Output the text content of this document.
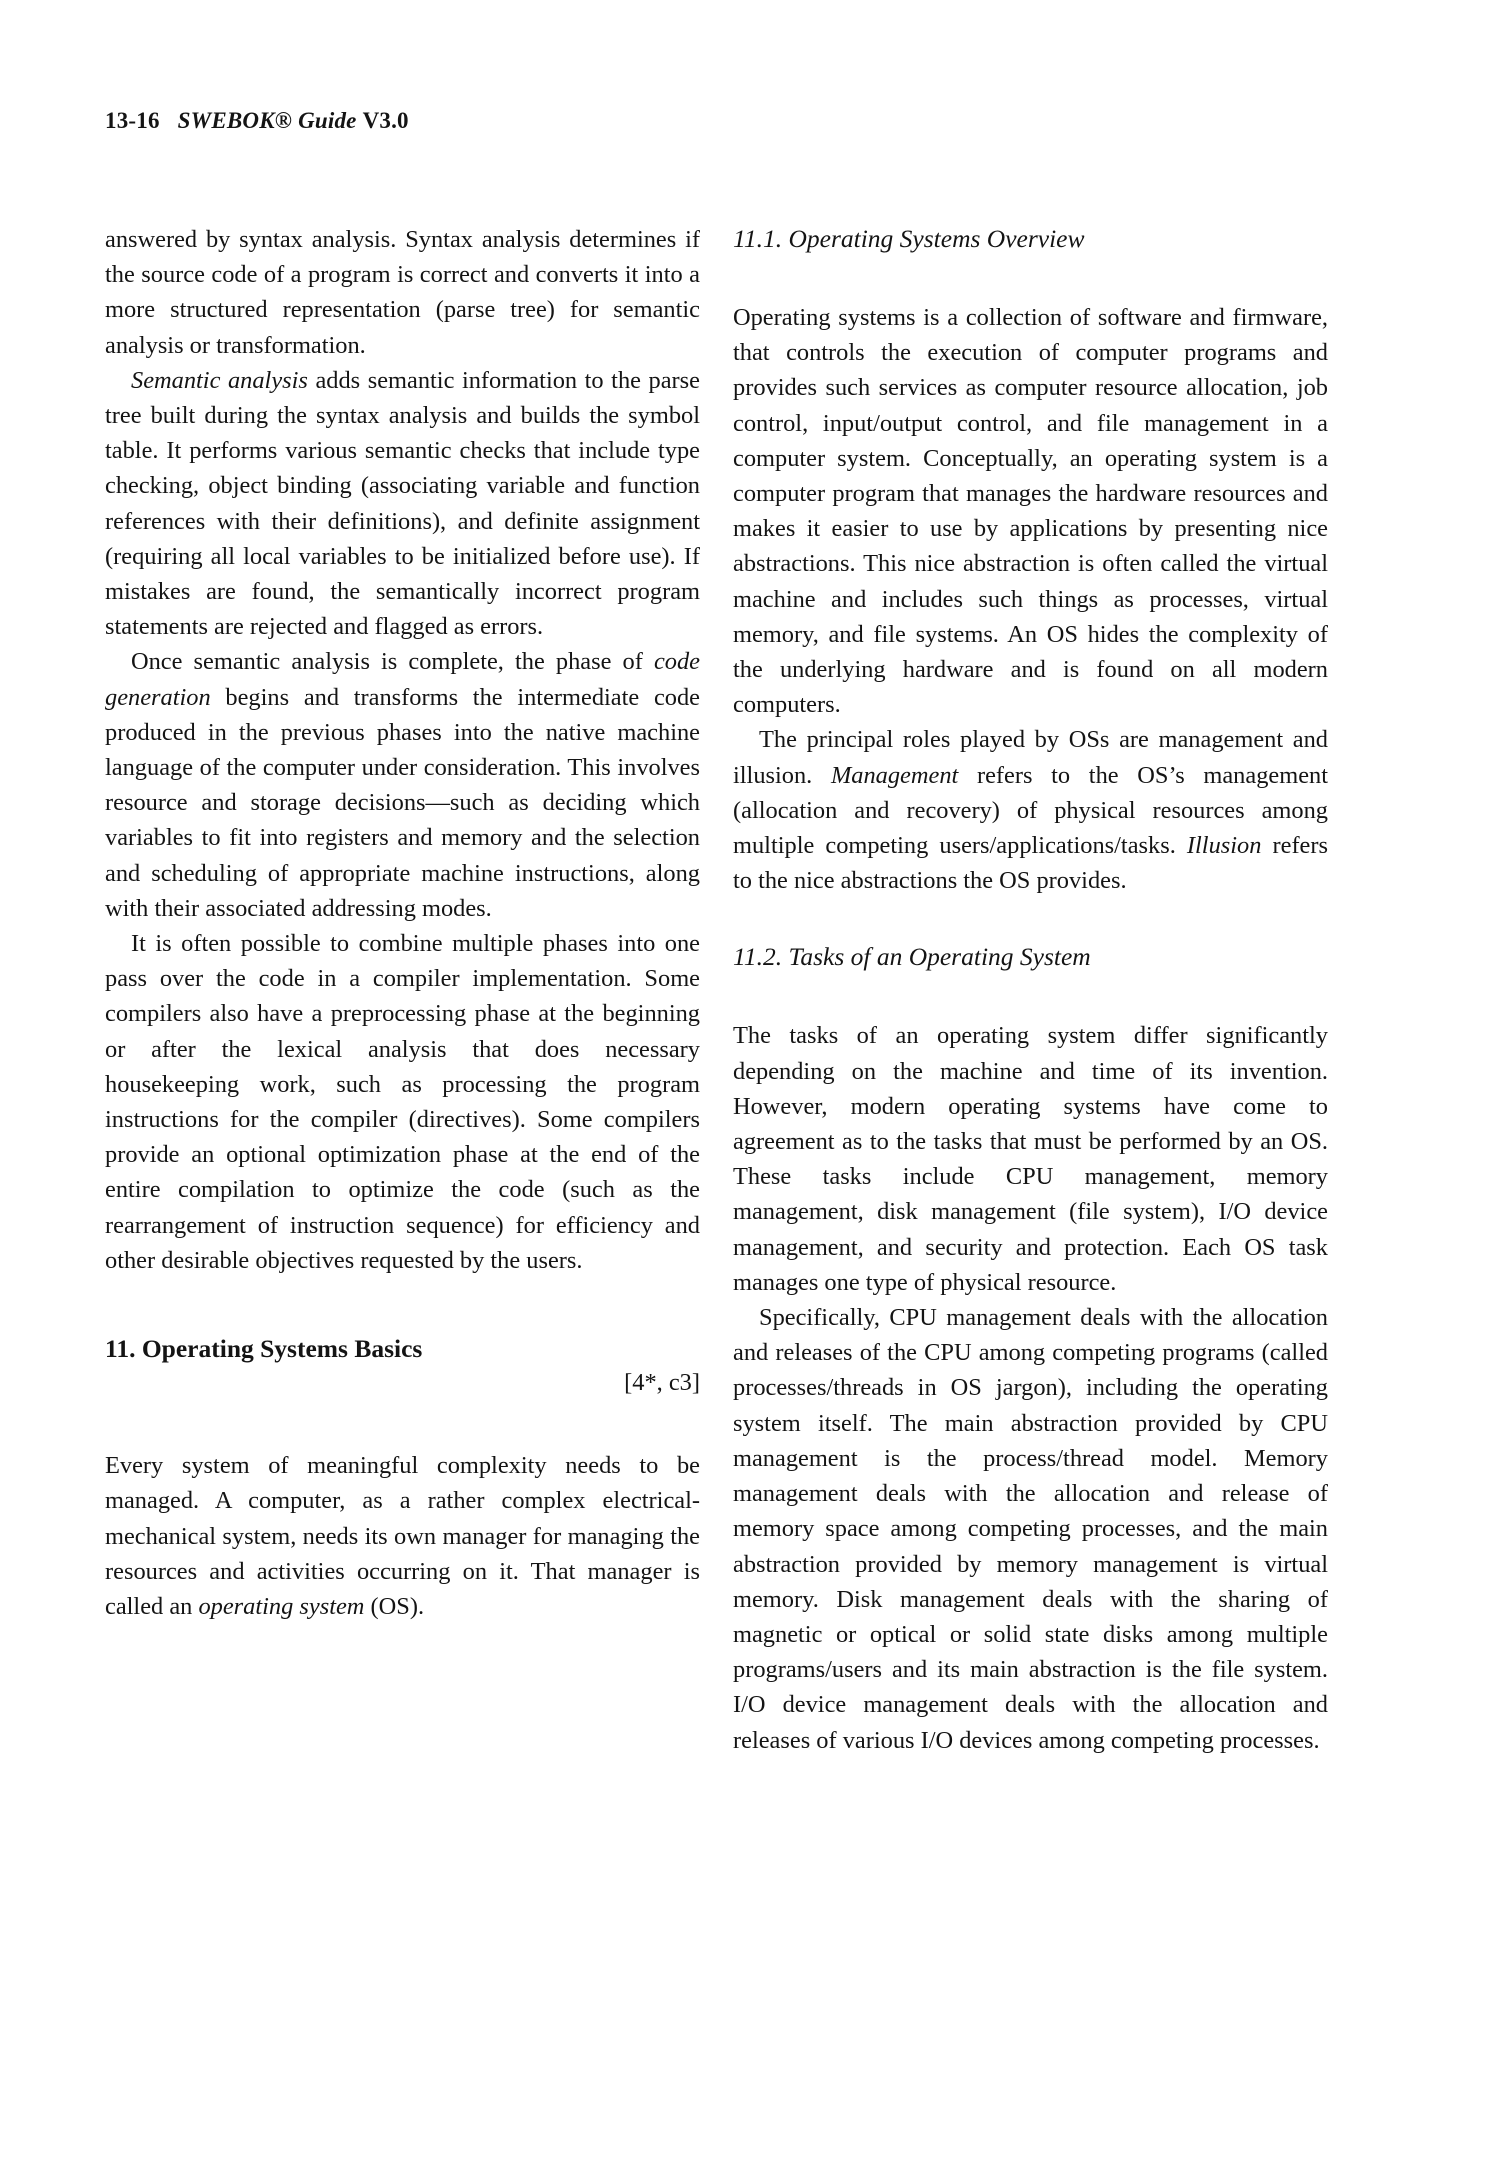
13-16 SWEBOK® Guide V3.0

answered by syntax analysis. Syntax analysis determines if the source code of a program is correct and converts it into a more structured representation (parse tree) for semantic analysis or transformation.

Semantic analysis adds semantic information to the parse tree built during the syntax analysis and builds the symbol table. It performs various semantic checks that include type checking, object binding (associating variable and function references with their definitions), and definite assignment (requiring all local variables to be initialized before use). If mistakes are found, the semantically incorrect program statements are rejected and flagged as errors.

Once semantic analysis is complete, the phase of code generation begins and transforms the intermediate code produced in the previous phases into the native machine language of the computer under consideration. This involves resource and storage decisions—such as deciding which variables to fit into registers and memory and the selection and scheduling of appropriate machine instructions, along with their associated addressing modes.

It is often possible to combine multiple phases into one pass over the code in a compiler implementation. Some compilers also have a preprocessing phase at the beginning or after the lexical analysis that does necessary housekeeping work, such as processing the program instructions for the compiler (directives). Some compilers provide an optional optimization phase at the end of the entire compilation to optimize the code (such as the rearrangement of instruction sequence) for efficiency and other desirable objectives requested by the users.

11. Operating Systems Basics

[4*, c3]

Every system of meaningful complexity needs to be managed. A computer, as a rather complex electrical-mechanical system, needs its own manager for managing the resources and activities occurring on it. That manager is called an operating system (OS).

11.1. Operating Systems Overview

Operating systems is a collection of software and firmware, that controls the execution of computer programs and provides such services as computer resource allocation, job control, input/output control, and file management in a computer system. Conceptually, an operating system is a computer program that manages the hardware resources and makes it easier to use by applications by presenting nice abstractions. This nice abstraction is often called the virtual machine and includes such things as processes, virtual memory, and file systems. An OS hides the complexity of the underlying hardware and is found on all modern computers.

The principal roles played by OSs are management and illusion. Management refers to the OS’s management (allocation and recovery) of physical resources among multiple competing users/applications/tasks. Illusion refers to the nice abstractions the OS provides.

11.2. Tasks of an Operating System

The tasks of an operating system differ significantly depending on the machine and time of its invention. However, modern operating systems have come to agreement as to the tasks that must be performed by an OS. These tasks include CPU management, memory management, disk management (file system), I/O device management, and security and protection. Each OS task manages one type of physical resource.

Specifically, CPU management deals with the allocation and releases of the CPU among competing programs (called processes/threads in OS jargon), including the operating system itself. The main abstraction provided by CPU management is the process/thread model. Memory management deals with the allocation and release of memory space among competing processes, and the main abstraction provided by memory management is virtual memory. Disk management deals with the sharing of magnetic or optical or solid state disks among multiple programs/users and its main abstraction is the file system. I/O device management deals with the allocation and releases of various I/O devices among competing processes.
